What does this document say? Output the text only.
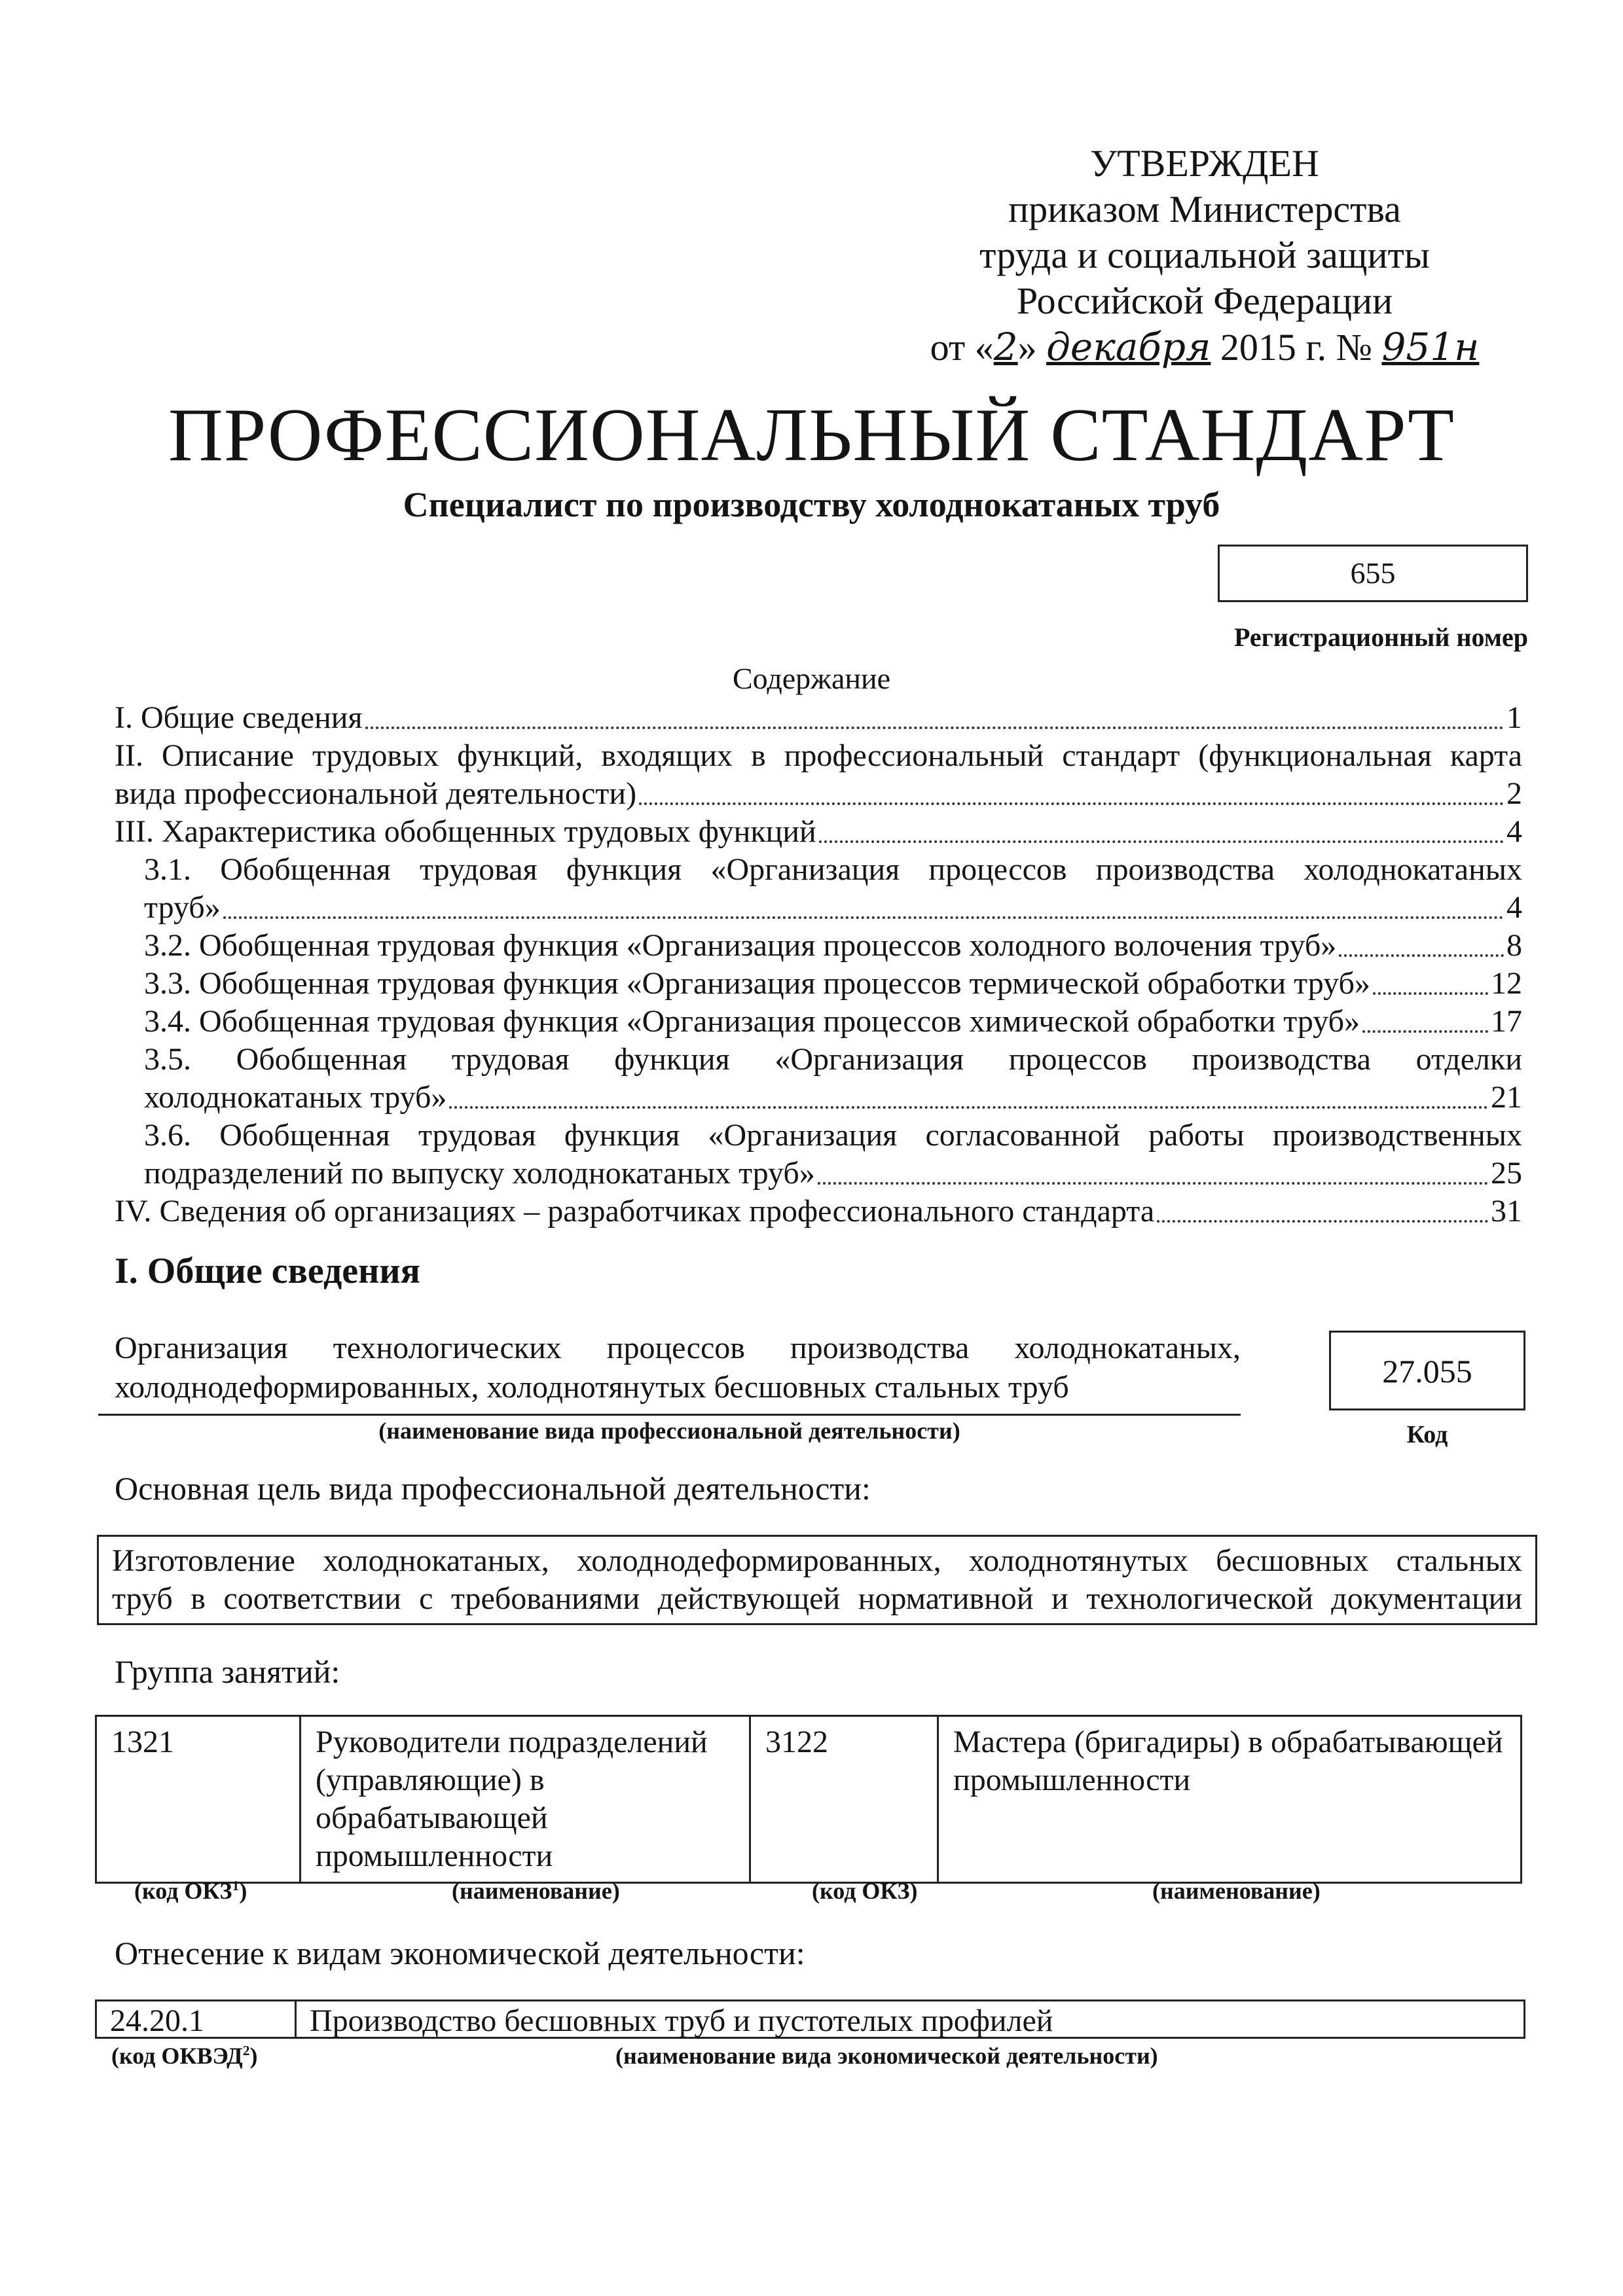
УТВЕРЖДЕН
приказом Министерства
труда и социальной защиты
Российской Федерации
от «2» декабря 2015 г. № 951н
ПРОФЕССИОНАЛЬНЫЙ СТАНДАРТ
Специалист по производству холоднокатаных труб
655
Регистрационный номер
Содержание
I. Общие сведения	1
II. Описание трудовых функций, входящих в профессиональный стандарт (функциональная карта
вида профессиональной деятельности)	2
III. Характеристика обобщенных трудовых функций	4
3.1. Обобщенная трудовая функция «Организация процессов производства холоднокатаных
труб»	4
3.2. Обобщенная трудовая функция «Организация процессов холодного волочения труб»	8
3.3. Обобщенная трудовая функция «Организация процессов термической обработки труб»	12
3.4. Обобщенная трудовая функция «Организация процессов химической обработки труб»	17
3.5. Обобщенная трудовая функция «Организация процессов производства отделки
холоднокатаных труб»	21
3.6. Обобщенная трудовая функция «Организация согласованной работы производственных
подразделений по выпуску холоднокатаных труб»	25
IV. Сведения об организациях – разработчиках профессионального стандарта	31
I. Общие сведения
Организация технологических процессов производства холоднокатаных,
холоднодеформированных, холоднотянутых бесшовных стальных труб
(наименование вида профессиональной деятельности)
27.055
Код
Основная цель вида профессиональной деятельности:
Изготовление холоднокатаных, холоднодеформированных, холоднотянутых бесшовных стальных
труб в соответствии с требованиями действующей нормативной и технологической документации
Группа занятий:
1321	Руководители подразделений (управляющие) в обрабатывающей промышленности	3122	Мастера (бригадиры) в обрабатывающей промышленности
(код ОКЗ$^1$)	(наименование)	(код ОКЗ)	(наименование)
Отнесение к видам экономической деятельности:
24.20.1	Производство бесшовных труб и пустотелых профилей
(код ОКВЭД$^2$)	(наименование вида экономической деятельности)
